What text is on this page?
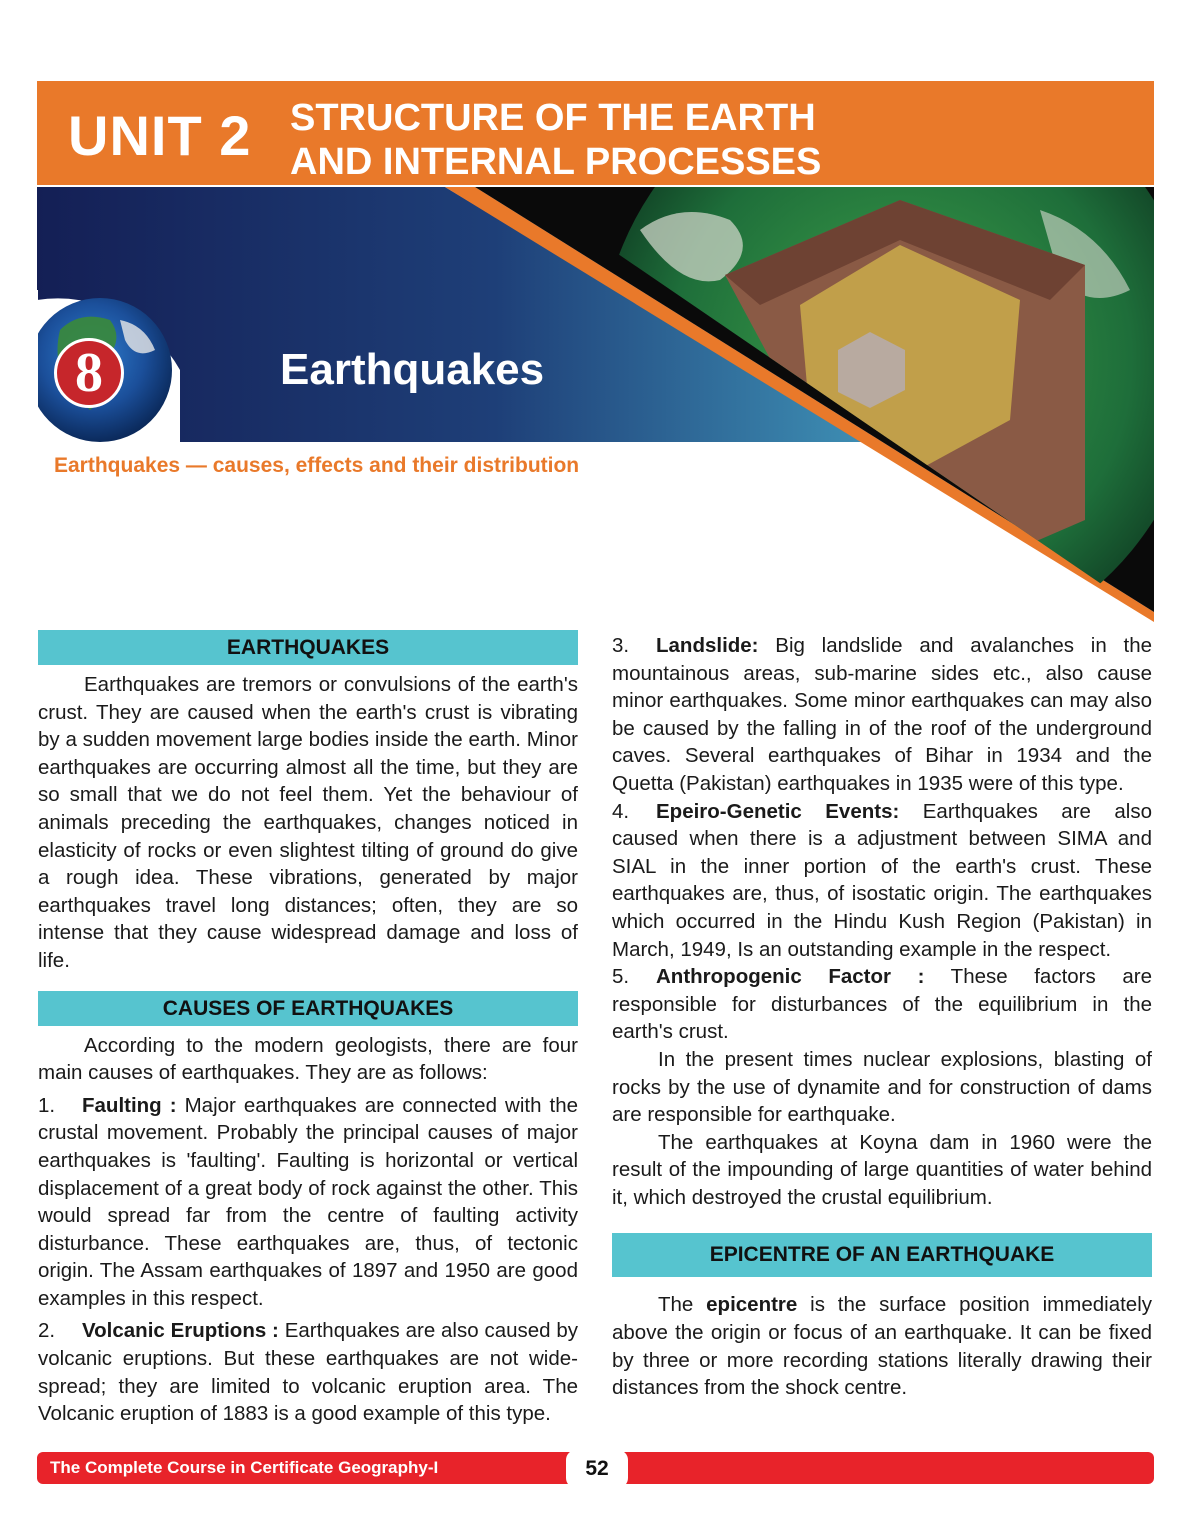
UNIT 2 STRUCTURE OF THE EARTH
AND INTERNAL PROCESSES
8	Earthquakes
Earthquakes — causes, effects and their distribution
EARTHQUAKES

Earthquakes are tremors or convulsions of the earth's crust. They are caused when the earth's crust is vibrating by a sudden movement large bodies inside the earth. Minor earthquakes are occurring almost all the time, but they are so small that we do not feel them. Yet the behaviour of animals preceding the earthquakes, changes noticed in elasticity of rocks or even slightest tilting of ground do give a rough idea. These vibrations, generated by major earthquakes travel long distances; often, they are so intense that they cause widespread damage and loss of life.

CAUSES OF EARTHQUAKES

According to the modern geologists, there are four main causes of earthquakes. They are as follows:

1. Faulting : Major earthquakes are connected with the crustal movement. Probably the principal causes of major earthquakes is 'faulting'. Faulting is horizontal or vertical displacement of a great body of rock against the other. This would spread far from the centre of faulting activity disturbance. These earthquakes are, thus, of tectonic origin. The Assam earthquakes of 1897 and 1950 are good examples in this respect.

2. Volcanic Eruptions : Earthquakes are also caused by volcanic eruptions. But these earthquakes are not wide-spread; they are limited to volcanic eruption area. The Volcanic eruption of 1883 is a good example of this type.

3. Landslide: Big landslide and avalanches in the mountainous areas, sub-marine sides etc., also cause minor earthquakes. Some minor earthquakes can may also be caused by the falling in of the roof of the underground caves. Several earthquakes of Bihar in 1934 and the Quetta (Pakistan) earthquakes in 1935 were of this type.

4. Epeiro-Genetic Events: Earthquakes are also caused when there is a adjustment between SIMA and SIAL in the inner portion of the earth's crust. These earthquakes are, thus, of isostatic origin. The earthquakes which occurred in the Hindu Kush Region (Pakistan) in March, 1949, Is an outstanding example in the respect.

5. Anthropogenic Factor : These factors are responsible for disturbances of the equilibrium in the earth's crust.

In the present times nuclear explosions, blasting of rocks by the use of dynamite and for construction of dams are responsible for earthquake.

The earthquakes at Koyna dam in 1960 were the result of the impounding of large quantities of water behind it, which destroyed the crustal equilibrium.

EPICENTRE OF AN EARTHQUAKE

The epicentre is the surface position immediately above the origin or focus of an earthquake. It can be fixed by three or more recording stations literally drawing their distances from the shock centre.

The Complete Course in Certificate Geography-I	52
